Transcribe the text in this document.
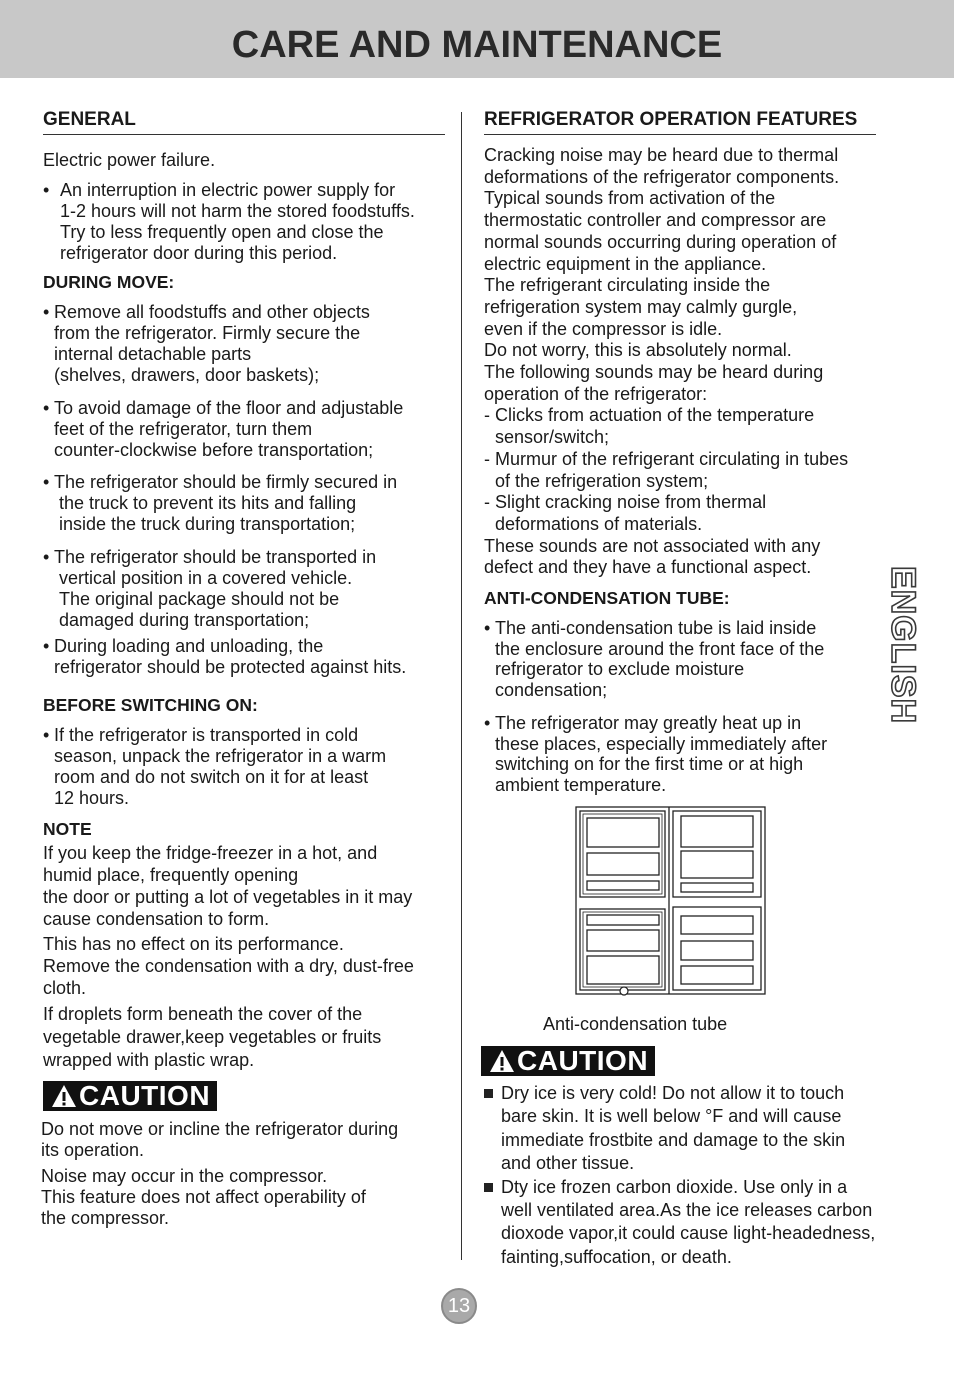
CARE AND MAINTENANCE
GENERAL

Electric power failure.

• An interruption in electric power supply for
1-2 hours will not harm the stored foodstuffs.
Try to less frequently open and close the
refrigerator door during this period.
DURING MOVE:
• Remove all foodstuffs and other objects
from the refrigerator. Firmly secure the
internal detachable parts
(shelves, drawers, door baskets);
• To avoid damage of the floor and adjustable
feet of the refrigerator, turn them
counter-clockwise before transportation;
• The refrigerator should be firmly secured in
the truck to prevent its hits and falling
inside the truck during transportation;
• The refrigerator should be transported in
vertical position in a covered vehicle.
The original package should not be
damaged during transportation;
• During loading and unloading, the
refrigerator should be protected against hits.
BEFORE SWITCHING ON:
• If the refrigerator is transported in cold
season, unpack the refrigerator in a warm
room and do not switch on it for at least
12 hours.
NOTE
If you keep the fridge-freezer in a hot, and
humid place, frequently opening
the door or putting a lot of vegetables in it may
cause condensation to form.
This has no effect on its performance.
Remove the condensation with a dry, dust-free
cloth.
If droplets form beneath the cover of the
vegetable drawer,keep vegetables or fruits
wrapped with plastic wrap.
CAUTION
Do not move or incline the refrigerator during
its operation.
Noise may occur in the compressor.
This feature does not affect operability of
the compressor.
REFRIGERATOR OPERATION FEATURES
Cracking noise may be heard due to thermal
deformations of the refrigerator components.
Typical sounds from activation of the
thermostatic controller and compressor are
normal sounds occurring during operation of
electric equipment in the appliance.
The refrigerant circulating inside the
refrigeration system may calmly gurgle,
even if the compressor is idle.
Do not worry, this is absolutely normal.
The following sounds may be heard during
operation of the refrigerator:
- Clicks from actuation of the temperature
sensor/switch;
- Murmur of the refrigerant circulating in tubes
of the refrigeration system;
- Slight cracking noise from thermal
deformations of materials.
These sounds are not associated with any
defect and they have a functional aspect.
ANTI-CONDENSATION TUBE:
• The anti-condensation tube is laid inside
the enclosure around the front face of the
refrigerator to exclude moisture
condensation;
• The refrigerator may greatly heat up in
these places, especially immediately after
switching on for the first time or at high
ambient temperature.
Anti-condensation tube
CAUTION
Dry ice is very cold! Do not allow it to touch
bare skin. It is well below °F and will cause
immediate frostbite and damage to the skin
and other tissue.
Dty ice frozen carbon dioxide. Use only in a
well ventilated area.As the ice releases carbon
dioxode vapor,it could cause light-headedness,
fainting,suffocation, or death.
ENGLISH
13
